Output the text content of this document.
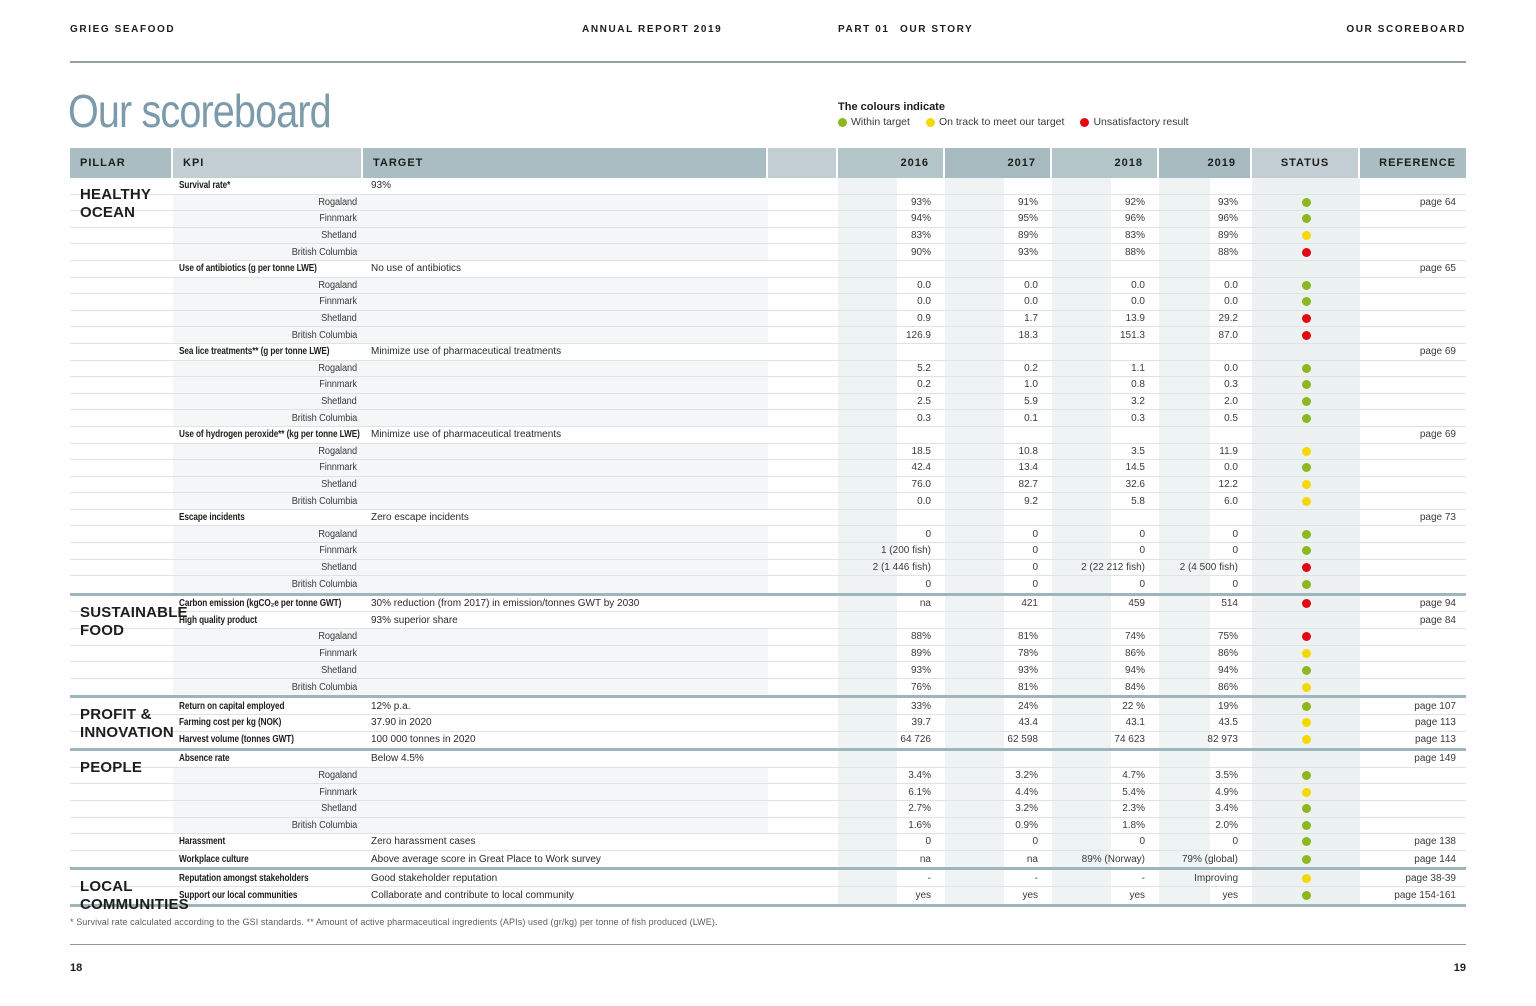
GRIEG SEAFOOD	ANNUAL REPORT 2019	PART 01 OUR STORY	OUR SCOREBOARD
Our scoreboard	The colours indicate
Within target	On track to meet our target	Unsatisfactory result
PILLAR	KPI	TARGET	2016	2017	2018	2019	STATUS	REFERENCE
HEALTHY OCEAN
Survival rate*	93%
Rogaland	93%	91%	92%	93%	page 64
Finnmark	94%	95%	96%	96%
Shetland	83%	89%	83%	89%
British Columbia	90%	93%	88%	88%
Use of antibiotics (g per tonne LWE)	No use of antibiotics	page 65
Rogaland	0.0	0.0	0.0	0.0
Finnmark	0.0	0.0	0.0	0.0
Shetland	0.9	1.7	13.9	29.2
British Columbia	126.9	18.3	151.3	87.0
Sea lice treatments** (g per tonne LWE)	Minimize use of pharmaceutical treatments	page 69
Rogaland	5.2	0.2	1.1	0.0
Finnmark	0.2	1.0	0.8	0.3
Shetland	2.5	5.9	3.2	2.0
British Columbia	0.3	0.1	0.3	0.5
Use of hydrogen peroxide** (kg per tonne LWE)	Minimize use of pharmaceutical treatments	page 69
Rogaland	18.5	10.8	3.5	11.9
Finnmark	42.4	13.4	14.5	0.0
Shetland	76.0	82.7	32.6	12.2
British Columbia	0.0	9.2	5.8	6.0
Escape incidents	Zero escape incidents	page 73
Rogaland	0	0	0	0
Finnmark	1 (200 fish)	0	0	0
Shetland	2 (1 446 fish)	0	2 (22 212 fish)	2 (4 500 fish)
British Columbia	0	0	0	0
SUSTAINABLE FOOD
Carbon emission (kgCO₂e per tonne GWT)	30% reduction (from 2017) in emission/tonnes GWT by 2030	na	421	459	514	page 94
High quality product	93% superior share	page 84
Rogaland	88%	81%	74%	75%
Finnmark	89%	78%	86%	86%
Shetland	93%	93%	94%	94%
British Columbia	76%	81%	84%	86%
PROFIT & INNOVATION
Return on capital employed	12% p.a.	33%	24%	22 %	19%	page 107
Farming cost per kg (NOK)	37.90 in 2020	39.7	43.4	43.1	43.5	page 113
Harvest volume (tonnes GWT)	100 000 tonnes in 2020	64 726	62 598	74 623	82 973	page 113
PEOPLE
Absence rate	Below 4.5%	page 149
Rogaland	3.4%	3.2%	4.7%	3.5%
Finnmark	6.1%	4.4%	5.4%	4.9%
Shetland	2.7%	3.2%	2.3%	3.4%
British Columbia	1.6%	0.9%	1.8%	2.0%
Harassment	Zero harassment cases	0	0	0	0	page 138
Workplace culture	Above average score in Great Place to Work survey	na	na	89% (Norway)	79% (global)	page 144
LOCAL COMMUNITIES
Reputation amongst stakeholders	Good stakeholder reputation	-	-	-	Improving	page 38-39
Support our local communities	Collaborate and contribute to local community	yes	yes	yes	yes	page 154-161
* Survival rate calculated according to the GSI standards. ** Amount of active pharmaceutical ingredients (APIs) used (gr/kg) per tonne of fish produced (LWE).
18	19
